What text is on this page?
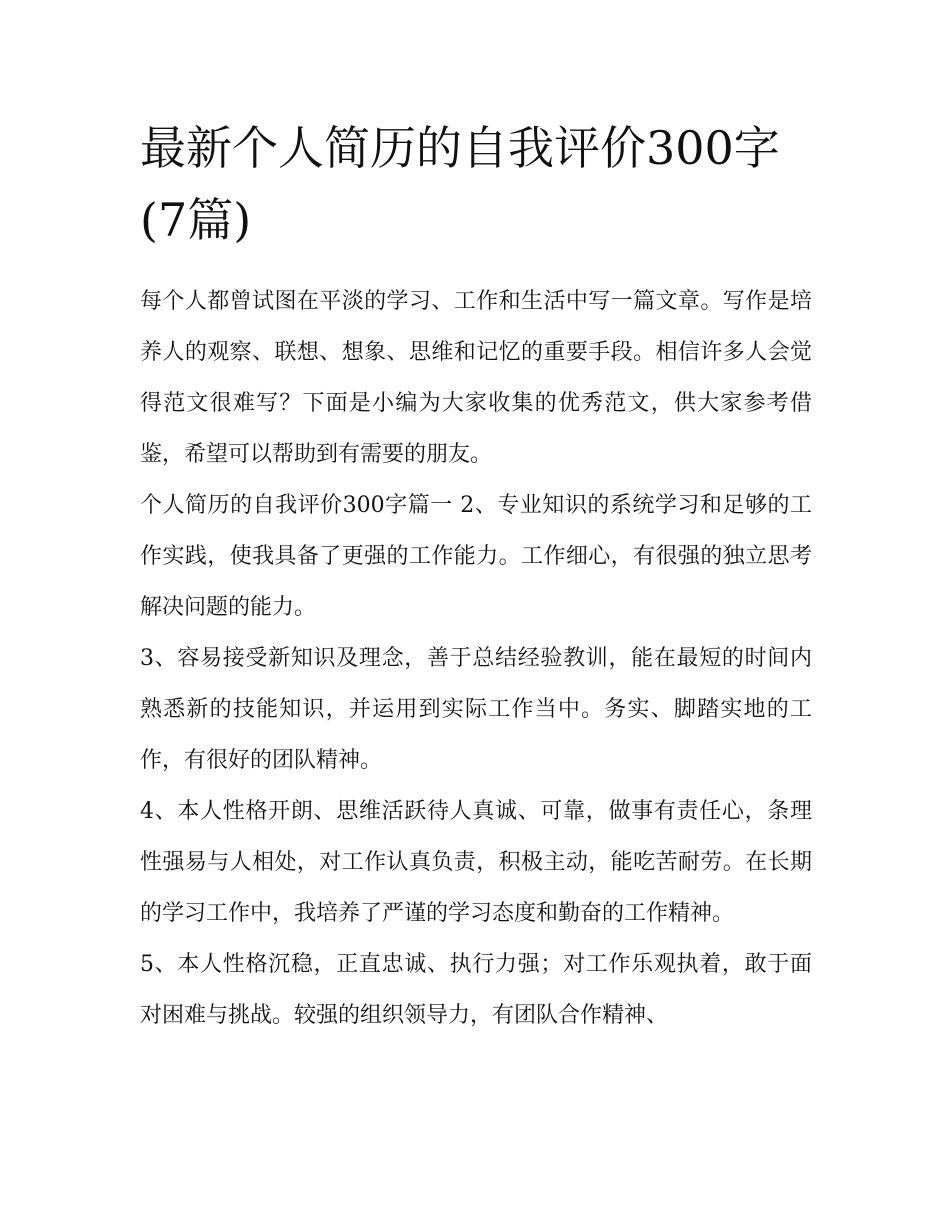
最新个人简历的自我评价300字(7篇)

每个人都曾试图在平淡的学习、工作和生活中写一篇文章。写作是培养人的观察、联想、想象、思维和记忆的重要手段。相信许多人会觉得范文很难写？下面是小编为大家收集的优秀范文，供大家参考借鉴，希望可以帮助到有需要的朋友。

个人简历的自我评价300字篇一 2、专业知识的系统学习和足够的工作实践，使我具备了更强的工作能力。工作细心，有很强的独立思考解决问题的能力。

3、容易接受新知识及理念，善于总结经验教训，能在最短的时间内熟悉新的技能知识，并运用到实际工作当中。务实、脚踏实地的工作，有很好的团队精神。

4、本人性格开朗、思维活跃待人真诚、可靠，做事有责任心，条理性强易与人相处，对工作认真负责，积极主动，能吃苦耐劳。在长期的学习工作中，我培养了严谨的学习态度和勤奋的工作精神。

5、本人性格沉稳，正直忠诚、执行力强；对工作乐观执着，敢于面对困难与挑战。较强的组织领导力，有团队合作精神、
